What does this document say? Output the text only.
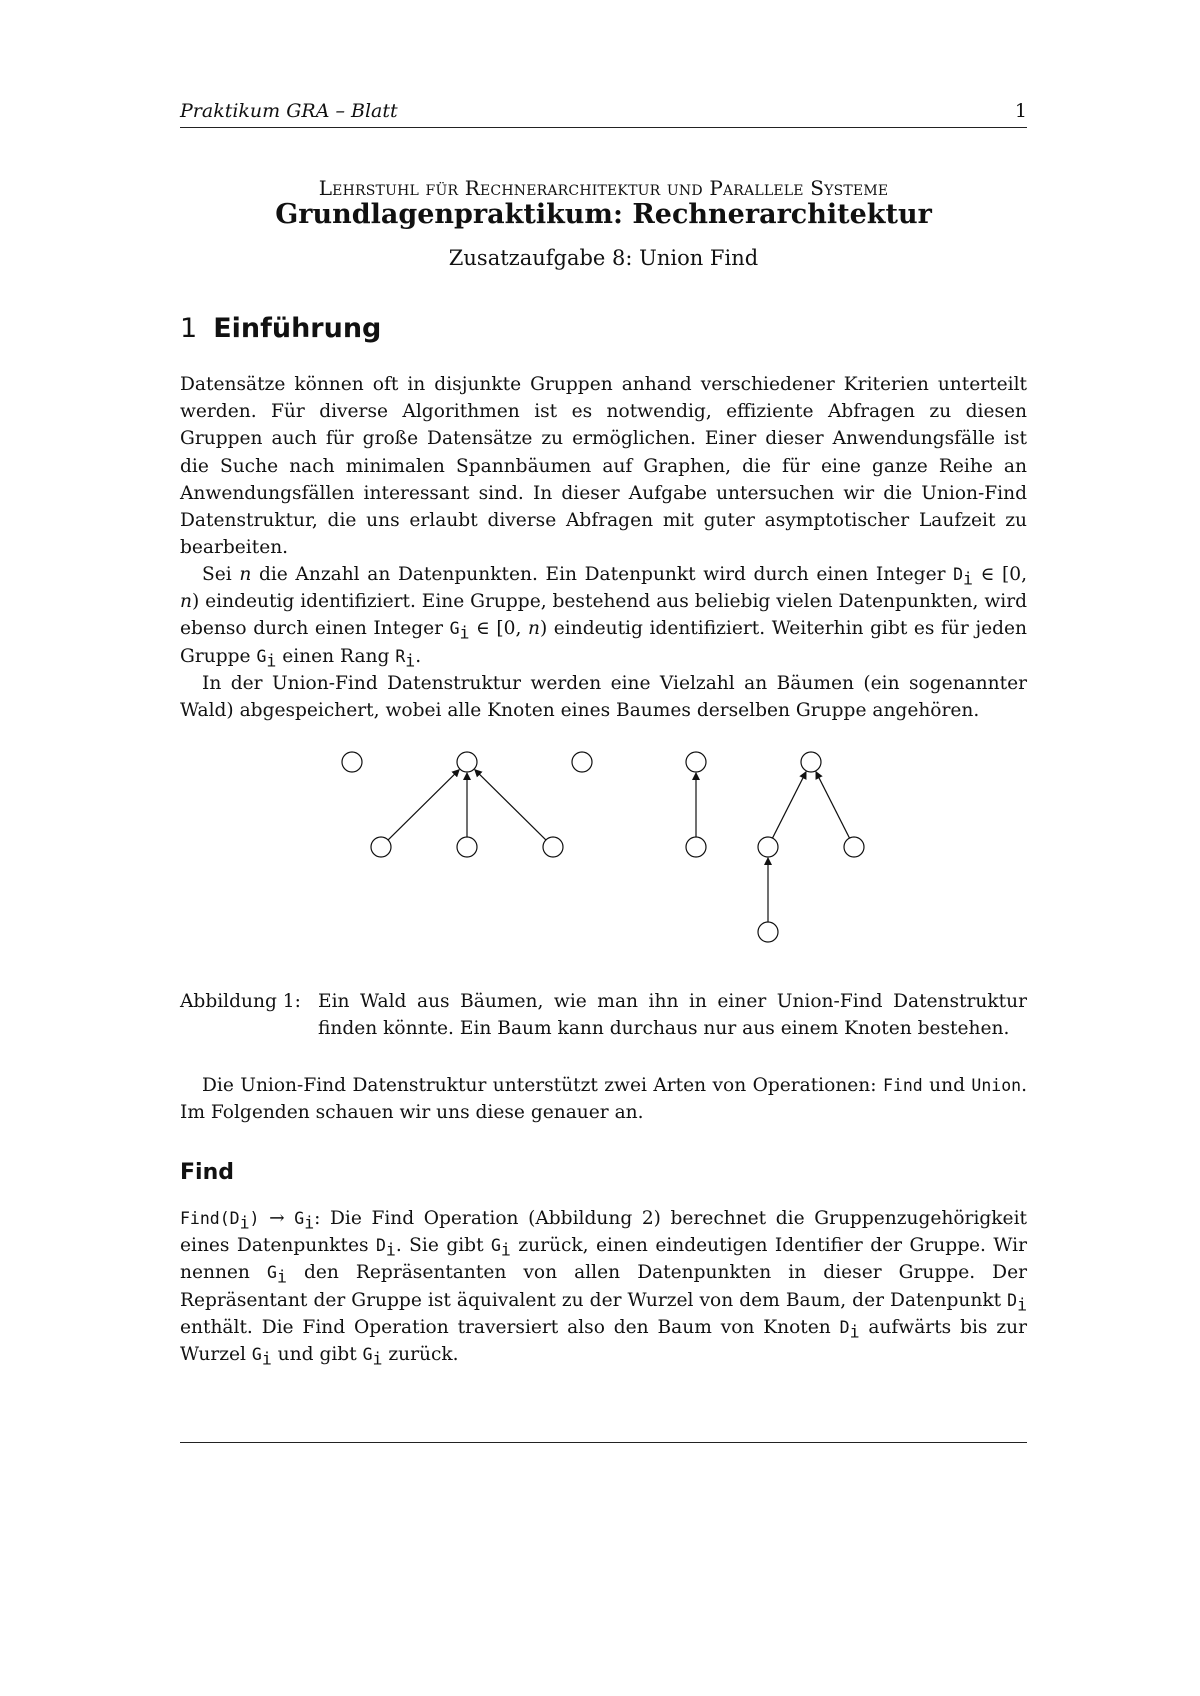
Praktikum GRA – Blatt	1
Lehrstuhl für Rechnerarchitektur und Parallele Systeme
Grundlagenpraktikum: Rechnerarchitektur
Zusatzaufgabe 8: Union Find
1 Einführung
Datensätze können oft in disjunkte Gruppen anhand verschiedener Kriterien unterteilt werden. Für diverse Algorithmen ist es notwendig, effiziente Abfragen zu diesen Gruppen auch für große Datensätze zu ermöglichen. Einer dieser Anwendungsfälle ist die Suche nach minimalen Spannbäumen auf Graphen, die für eine ganze Reihe an Anwendungsfällen interessant sind. In dieser Aufgabe untersuchen wir die Union-Find Datenstruktur, die uns erlaubt diverse Abfragen mit guter asymptotischer Laufzeit zu bearbeiten.
Sei n die Anzahl an Datenpunkten. Ein Datenpunkt wird durch einen Integer $D_i$ ∈ [0, n) eindeutig identifiziert. Eine Gruppe, bestehend aus beliebig vielen Datenpunkten, wird ebenso durch einen Integer $G_i$ ∈ [0, n) eindeutig identifiziert. Weiterhin gibt es für jeden Gruppe $G_i$ einen Rang $R_i$.
In der Union-Find Datenstruktur werden eine Vielzahl an Bäumen (ein sogenannter Wald) abgespeichert, wobei alle Knoten eines Baumes derselben Gruppe angehören.
Abbildung 1: Ein Wald aus Bäumen, wie man ihn in einer Union-Find Datenstruktur finden könnte. Ein Baum kann durchaus nur aus einem Knoten bestehen.
Die Union-Find Datenstruktur unterstützt zwei Arten von Operationen: Find und Union. Im Folgenden schauen wir uns diese genauer an.
Find
$Find(D_i) \to G_i$: Die Find Operation (Abbildung 2) berechnet die Gruppenzugehörigkeit eines Datenpunktes $D_i$. Sie gibt $G_i$ zurück, einen eindeutigen Identifier der Gruppe. Wir nennen $G_i$ den Repräsentanten von allen Datenpunkten in dieser Gruppe. Der Repräsentant der Gruppe ist äquivalent zu der Wurzel von dem Baum, der Datenpunkt $D_i$ enthält. Die Find Operation traversiert also den Baum von Knoten $D_i$ aufwärts bis zur Wurzel $G_i$ und gibt $G_i$ zurück.
